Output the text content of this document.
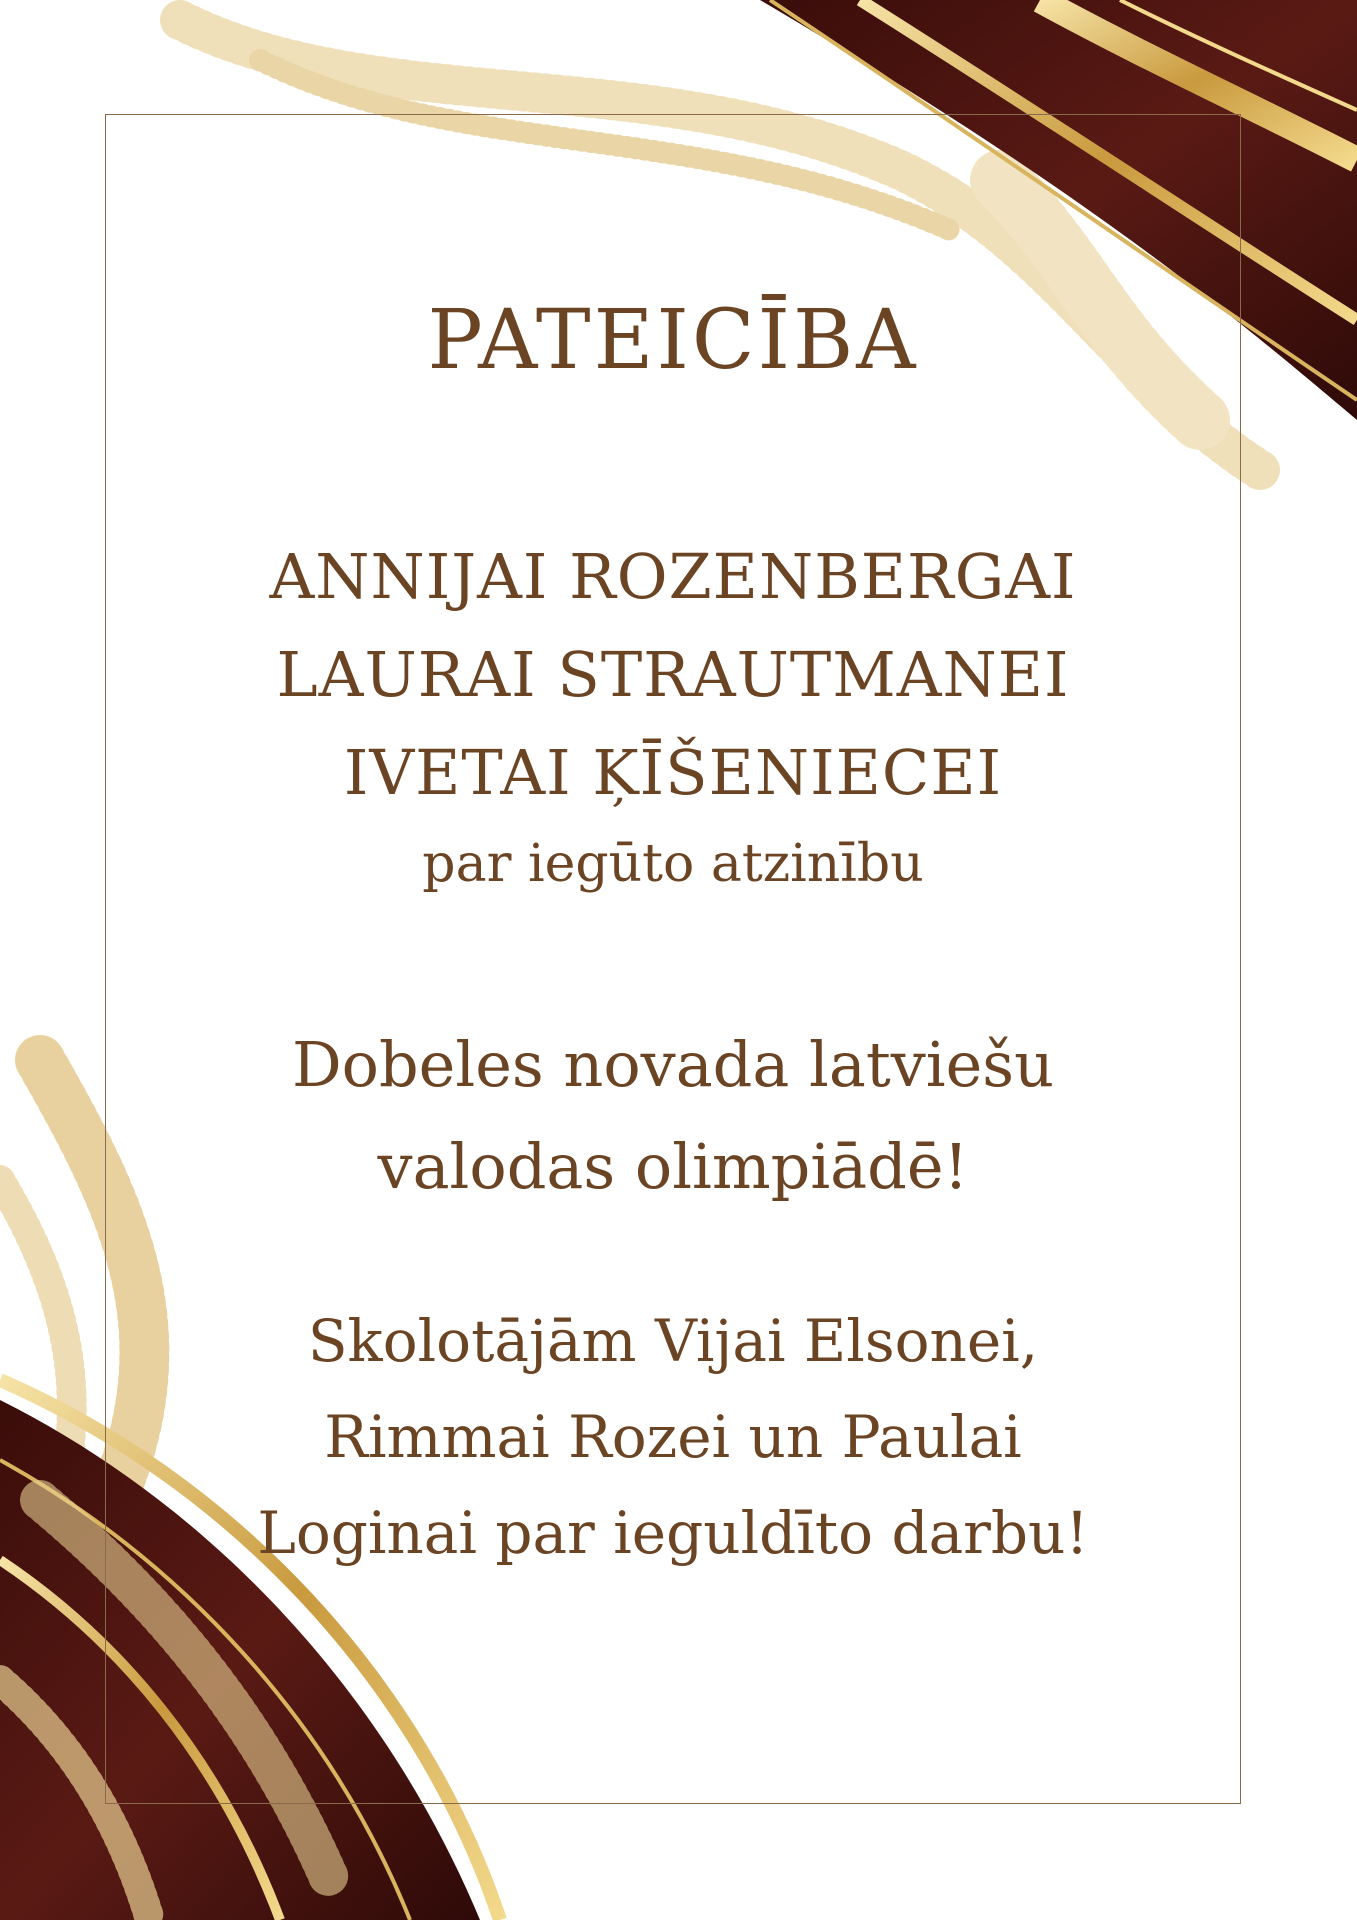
PATEICĪBA
ANNIJAI ROZENBERGAI
LAURAI STRAUTMANEI
IVETAI ĶĪŠENIECEI
par iegūto atzinību
Dobeles novada latviešu
valodas olimpiādē!
Skolotājām Vijai Elsonei,
Rimmai Rozei un Paulai
Loginai par ieguldīto darbu!
